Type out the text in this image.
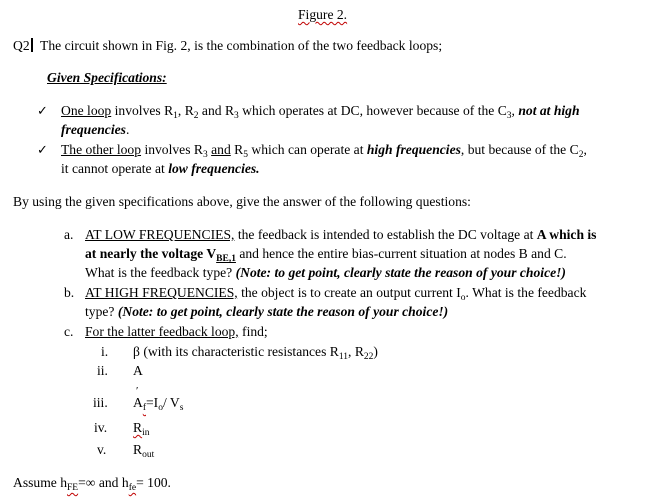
Figure 2.
Q2 The circuit shown in Fig. 2, is the combination of the two feedback loops;
Given Specifications:
✓ One loop involves $R_1$, $R_2$ and $R_3$ which operates at DC, however because of the $C_3$, not at high
frequencies.
✓ The other loop involves $R_3$ and $R_5$ which can operate at high frequencies, but because of the $C_2$,
it cannot operate at low frequencies.
By using the given specifications above, give the answer of the following questions:
a. AT LOW FREQUENCIES, the feedback is intended to establish the DC voltage at A which is
at nearly the voltage $V_{BE,1}$ and hence the entire bias-current situation at nodes B and C.
What is the feedback type? (Note: to get point, clearly state the reason of your choice!)
b. AT HIGH FREQUENCIES, the object is to create an output current $I_o$. What is the feedback
type? (Note: to get point, clearly state the reason of your choice!)
c. For the latter feedback loop, find;
i. β (with its characteristic resistances $R_{11}$, $R_{22}$)
ii. A
iii. A
′
$_f=I_o/$ $V_s$
iv. $R_{in}$
v. $R_{out}$
Assume $h_{FE}=\infty$ and $h_{fe}= 100$.
